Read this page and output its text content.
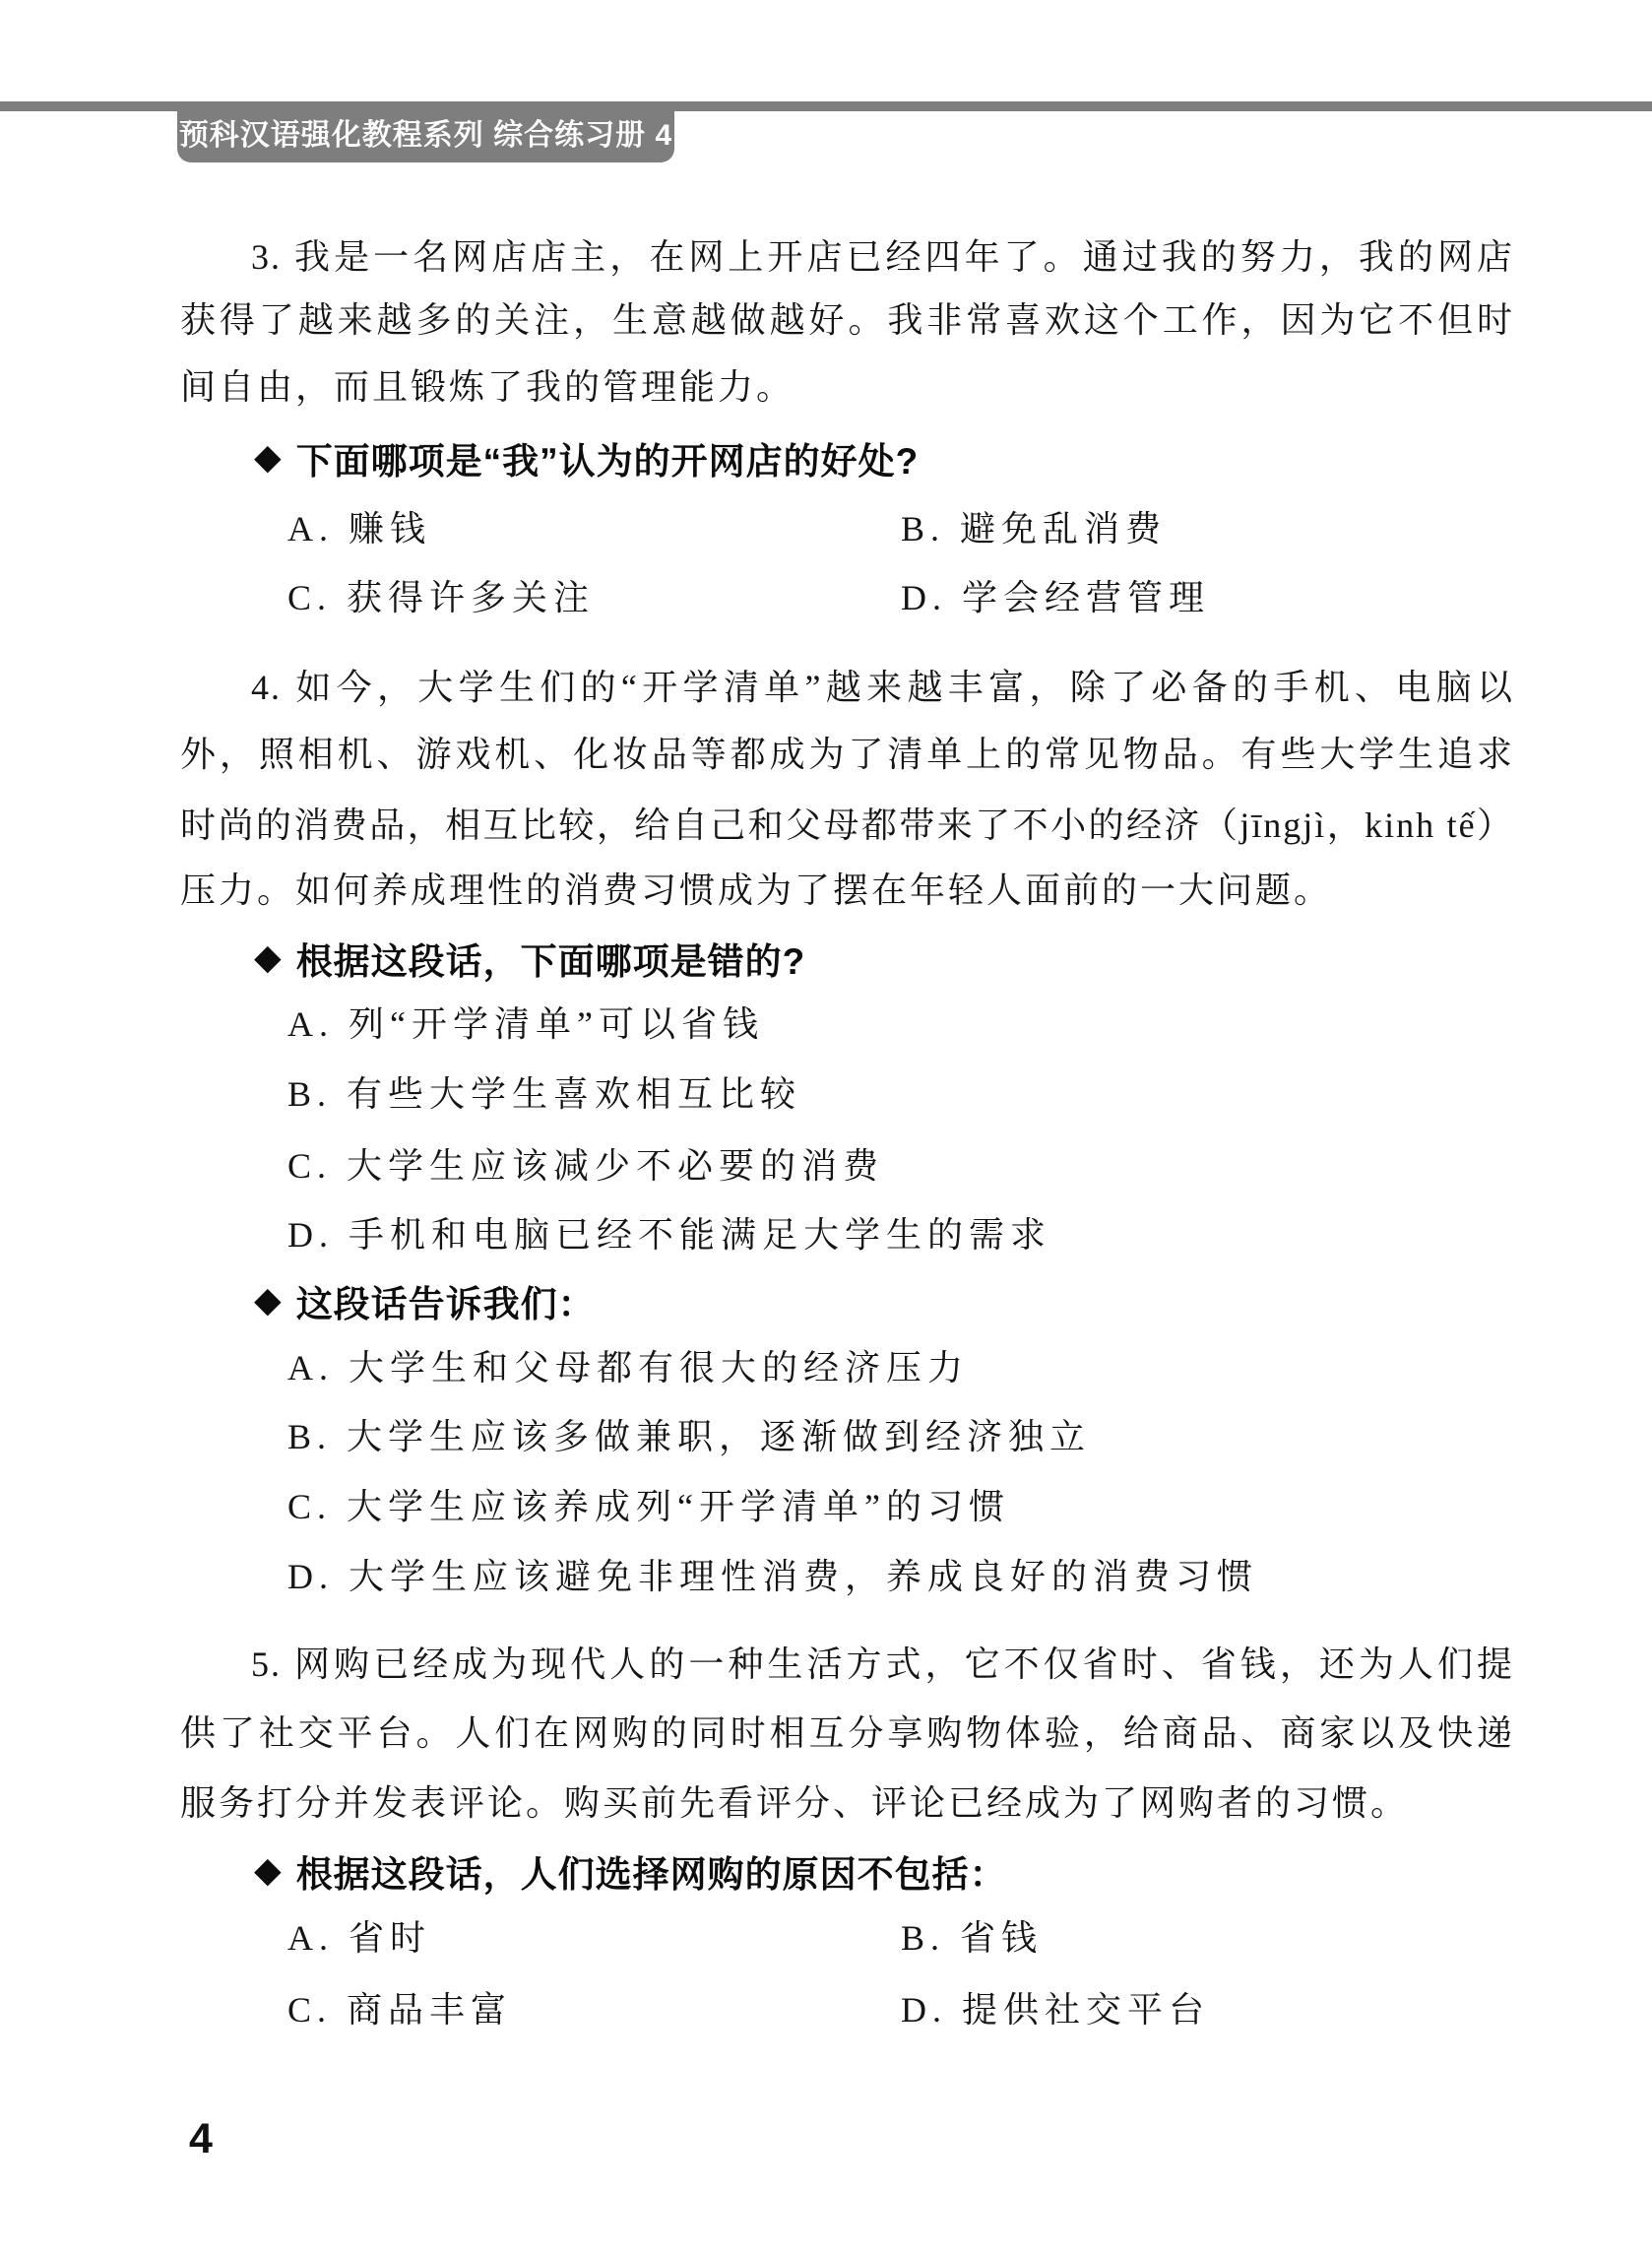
预科汉语强化教程系列 综合练习册 4
3. 我是一名网店店主，在网上开店已经四年了。通过我的努力，我的网店
获得了越来越多的关注，生意越做越好。我非常喜欢这个工作，因为它不但时
间自由，而且锻炼了我的管理能力。
◆ 下面哪项是“我”认为的开网店的好处?
A. 赚钱	B. 避免乱消费
C. 获得许多关注	D. 学会经营管理
4. 如今，大学生们的“开学清单”越来越丰富，除了必备的手机、电脑以
外，照相机、游戏机、化妆品等都成为了清单上的常见物品。有些大学生追求
时尚的消费品，相互比较，给自己和父母都带来了不小的经济（jīngjì，kinh tế）
压力。如何养成理性的消费习惯成为了摆在年轻人面前的一大问题。
◆ 根据这段话，下面哪项是错的?
A. 列“开学清单”可以省钱
B. 有些大学生喜欢相互比较
C. 大学生应该减少不必要的消费
D. 手机和电脑已经不能满足大学生的需求
◆ 这段话告诉我们：
A. 大学生和父母都有很大的经济压力
B. 大学生应该多做兼职，逐渐做到经济独立
C. 大学生应该养成列“开学清单”的习惯
D. 大学生应该避免非理性消费，养成良好的消费习惯
5. 网购已经成为现代人的一种生活方式，它不仅省时、省钱，还为人们提
供了社交平台。人们在网购的同时相互分享购物体验，给商品、商家以及快递
服务打分并发表评论。购买前先看评分、评论已经成为了网购者的习惯。
◆ 根据这段话，人们选择网购的原因不包括：
A. 省时	B. 省钱
C. 商品丰富	D. 提供社交平台
4
